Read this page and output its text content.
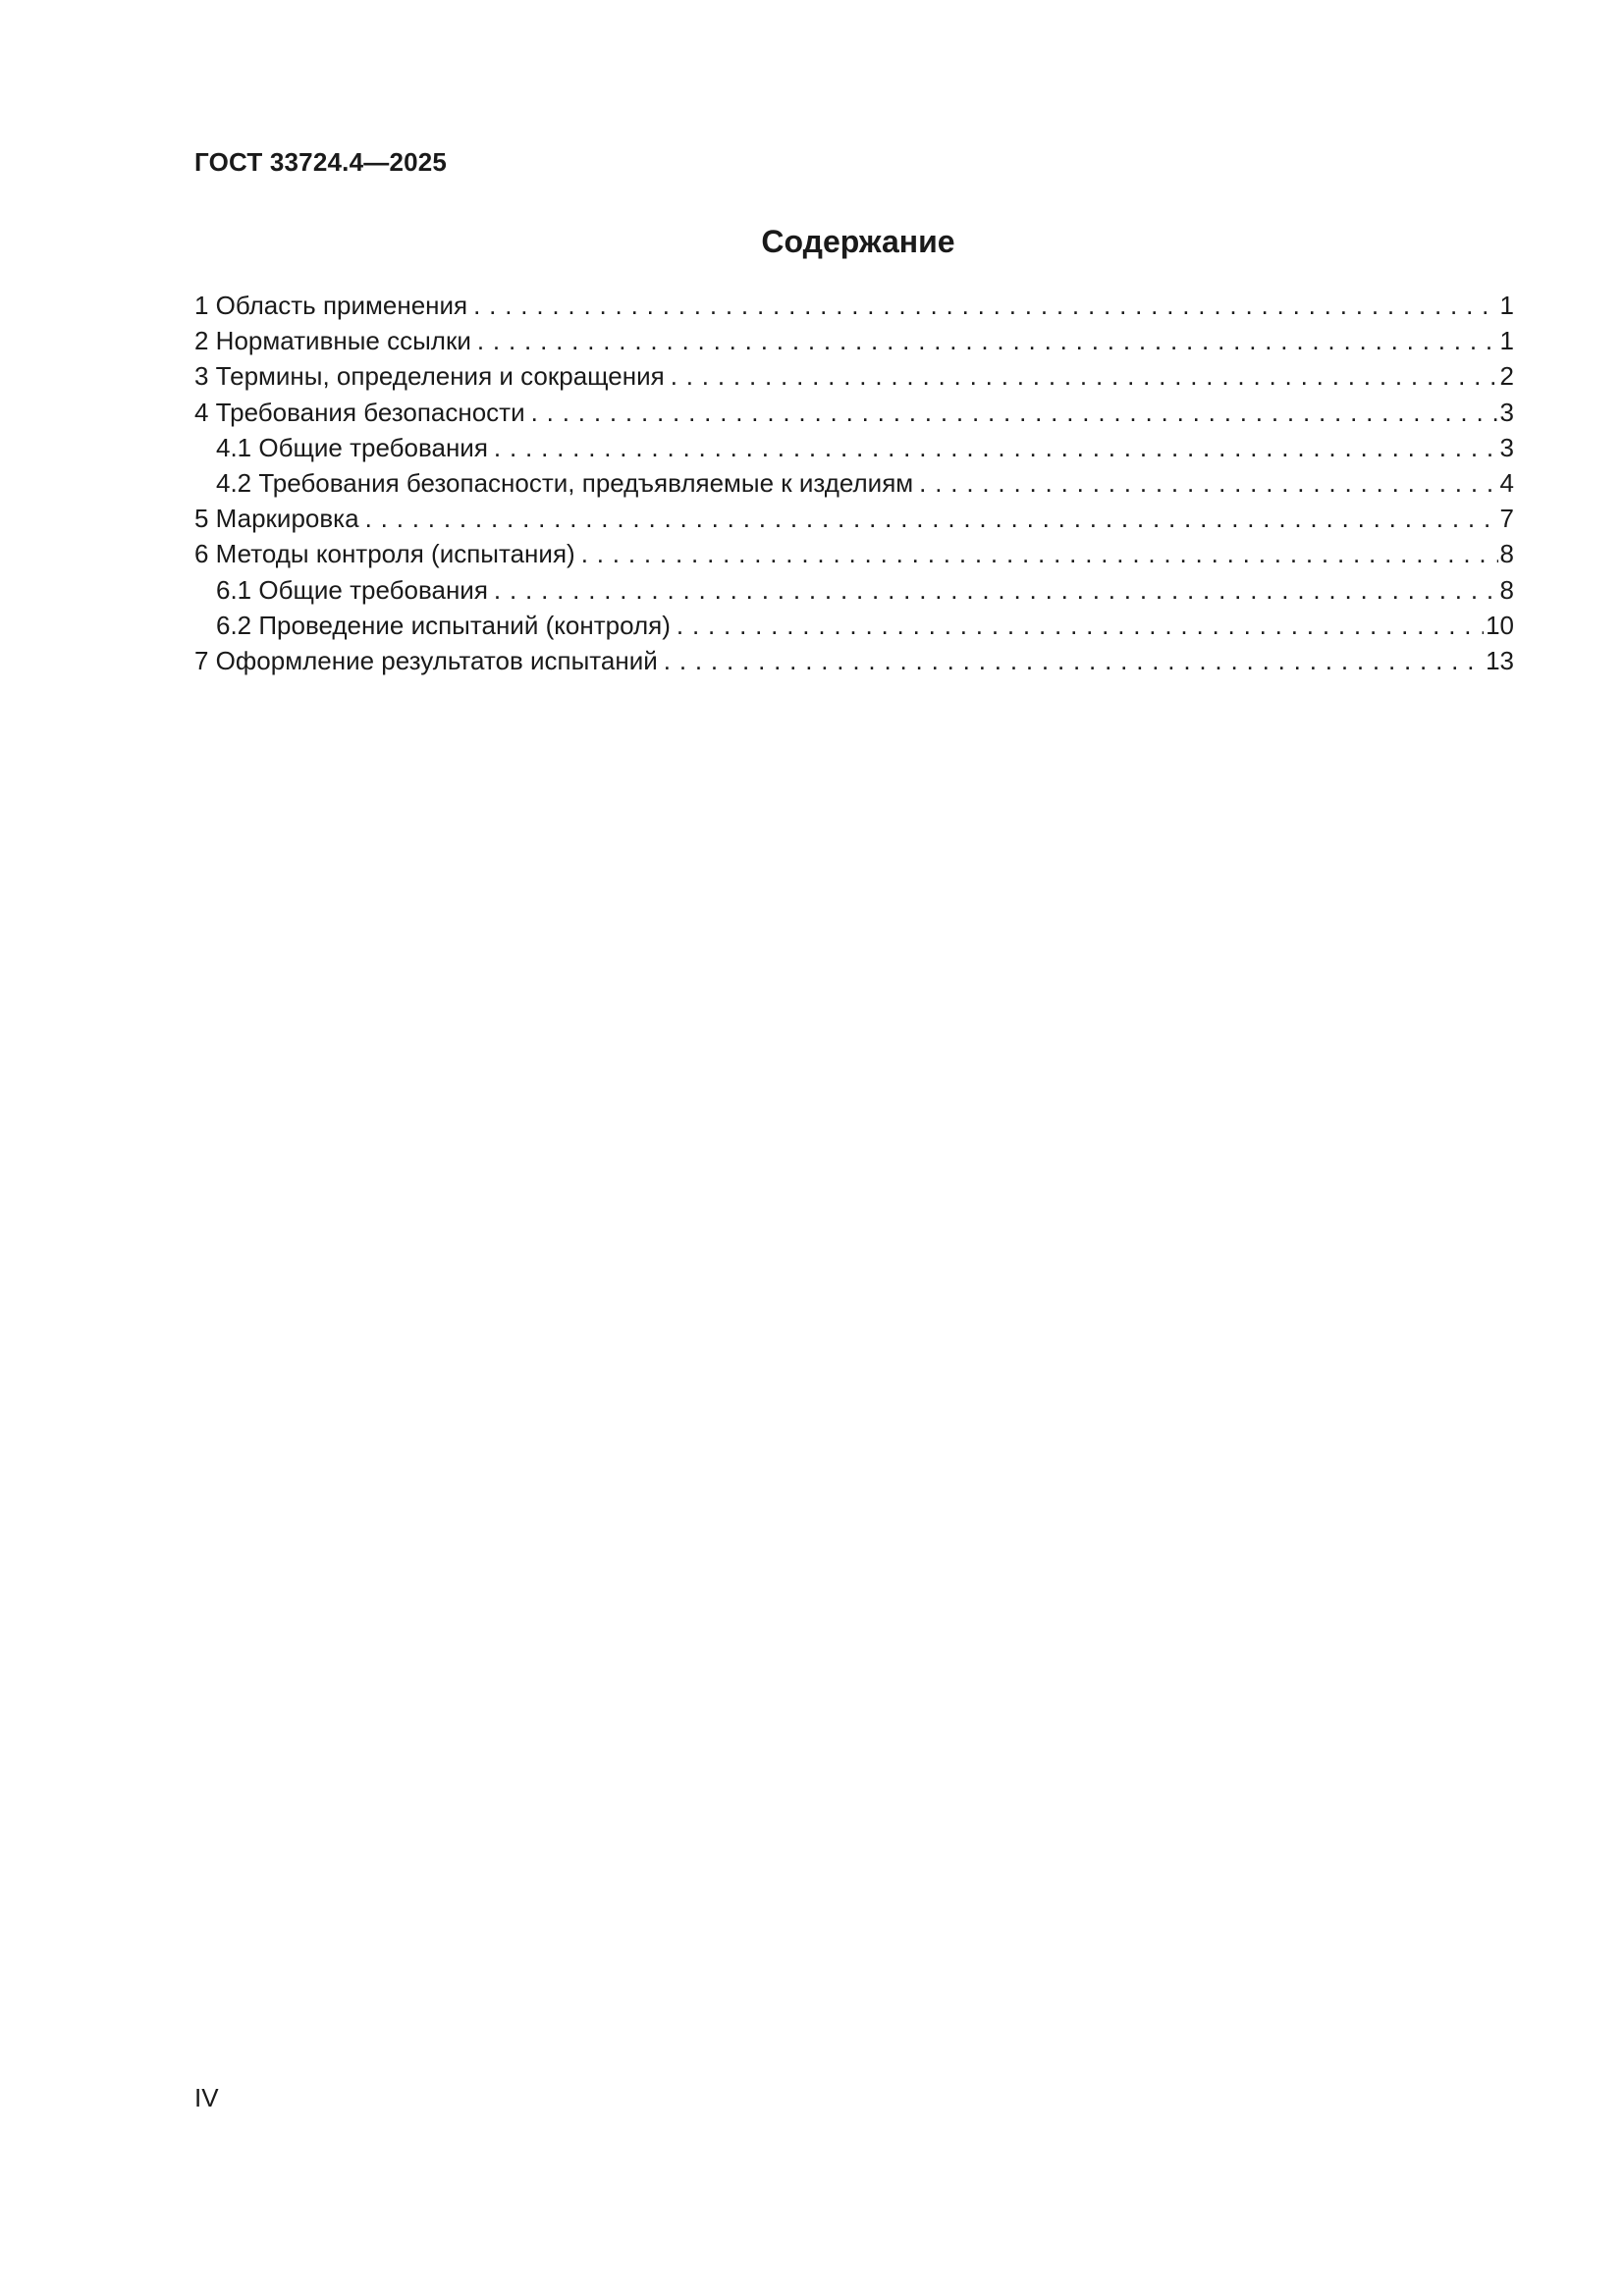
ГОСТ 33724.4—2025
Содержание
1 Область применения . . .	1
2 Нормативные ссылки . . .	1
3 Термины, определения и сокращения . . .	2
4 Требования безопасности . . .	3
4.1 Общие требования . . .	3
4.2 Требования безопасности, предъявляемые к изделиям . . .	4
5 Маркировка . . .	7
6 Методы контроля (испытания) . . .	8
6.1 Общие требования . . .	8
6.2 Проведение испытаний (контроля) . . .	10
7 Оформление результатов испытаний . . .	13
IV
